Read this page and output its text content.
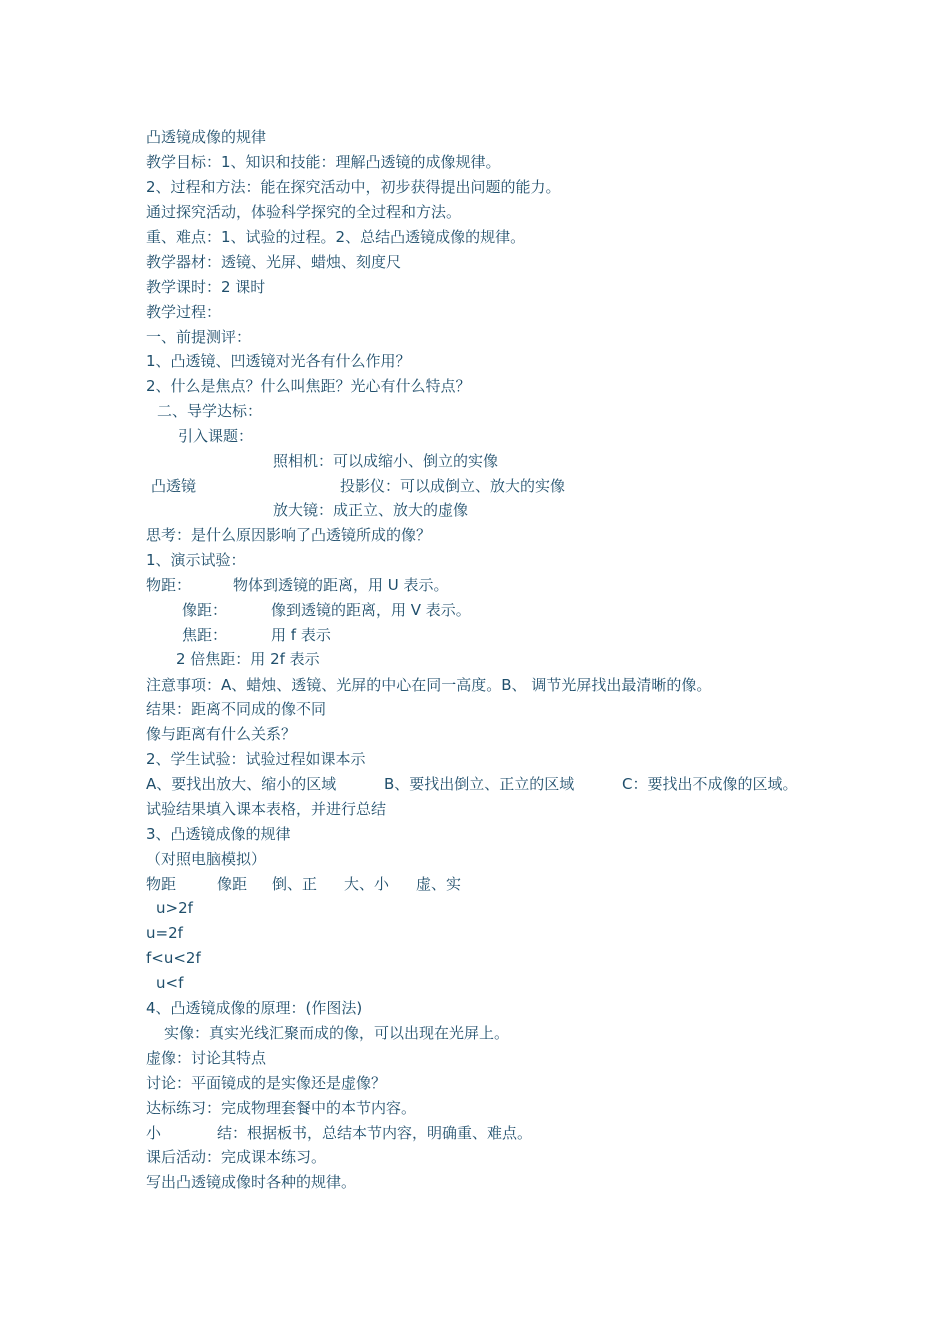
凸透镜成像的规律

教学目标：1、知识和技能：理解凸透镜的成像规律。

2、过程和方法：能在探究活动中，初步获得提出问题的能力。

通过探究活动，体验科学探究的全过程和方法。

重、难点：1、试验的过程。2、总结凸透镜成像的规律。

教学器材：透镜、光屏、蜡烛、刻度尺

教学课时：2 课时

教学过程：

一、前提测评：

1、凸透镜、凹透镜对光各有什么作用？

2、什么是焦点？什么叫焦距？光心有什么特点？

二、导学达标：

引入课题：

照相机：可以成缩小、倒立的实像

凸透镜	投影仪：可以成倒立、放大的实像

放大镜：成正立、放大的虚像

思考：是什么原因影响了凸透镜所成的像？

1、演示试验：

物距：	物体到透镜的距离，用 U 表示。

像距：	像到透镜的距离，用 V 表示。

焦距：	用 f 表示

2 倍焦距：用 2f 表示

注意事项：A、蜡烛、透镜、光屏的中心在同一高度。B、 调节光屏找出最清晰的像。

结果：距离不同成的像不同

像与距离有什么关系？

2、学生试验：试验过程如课本示

A、要找出放大、缩小的区域	B、要找出倒立、正立的区域	C：要找出不成像的区域。

试验结果填入课本表格，并进行总结

3、凸透镜成像的规律

（对照电脑模拟）

物距	像距 倒、正 大、小 虚、实

u>2f

u=2f

f<u<2f

u<f

4、凸透镜成像的原理：(作图法)

实像：真实光线汇聚而成的像，可以出现在光屏上。

虚像：讨论其特点

讨论：平面镜成的是实像还是虚像？

达标练习：完成物理套餐中的本节内容。

小	结：根据板书，总结本节内容，明确重、难点。

课后活动：完成课本练习。

写出凸透镜成像时各种的规律。
